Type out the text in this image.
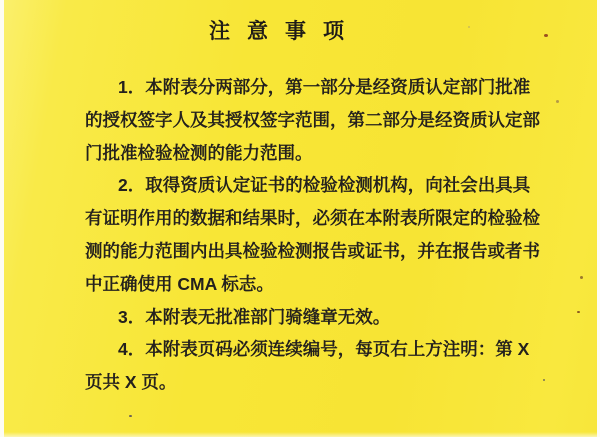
注意事项
1．本附表分两部分，第一部分是经资质认定部门批准
的授权签字人及其授权签字范围，第二部分是经资质认定部
门批准检验检测的能力范围。
2．取得资质认定证书的检验检测机构，向社会出具具
有证明作用的数据和结果时，必须在本附表所限定的检验检
测的能力范围内出具检验检测报告或证书，并在报告或者书
中正确使用 CMA 标志。
3．本附表无批准部门骑缝章无效。
4．本附表页码必须连续编号，每页右上方注明：第 X
页共 X 页。
